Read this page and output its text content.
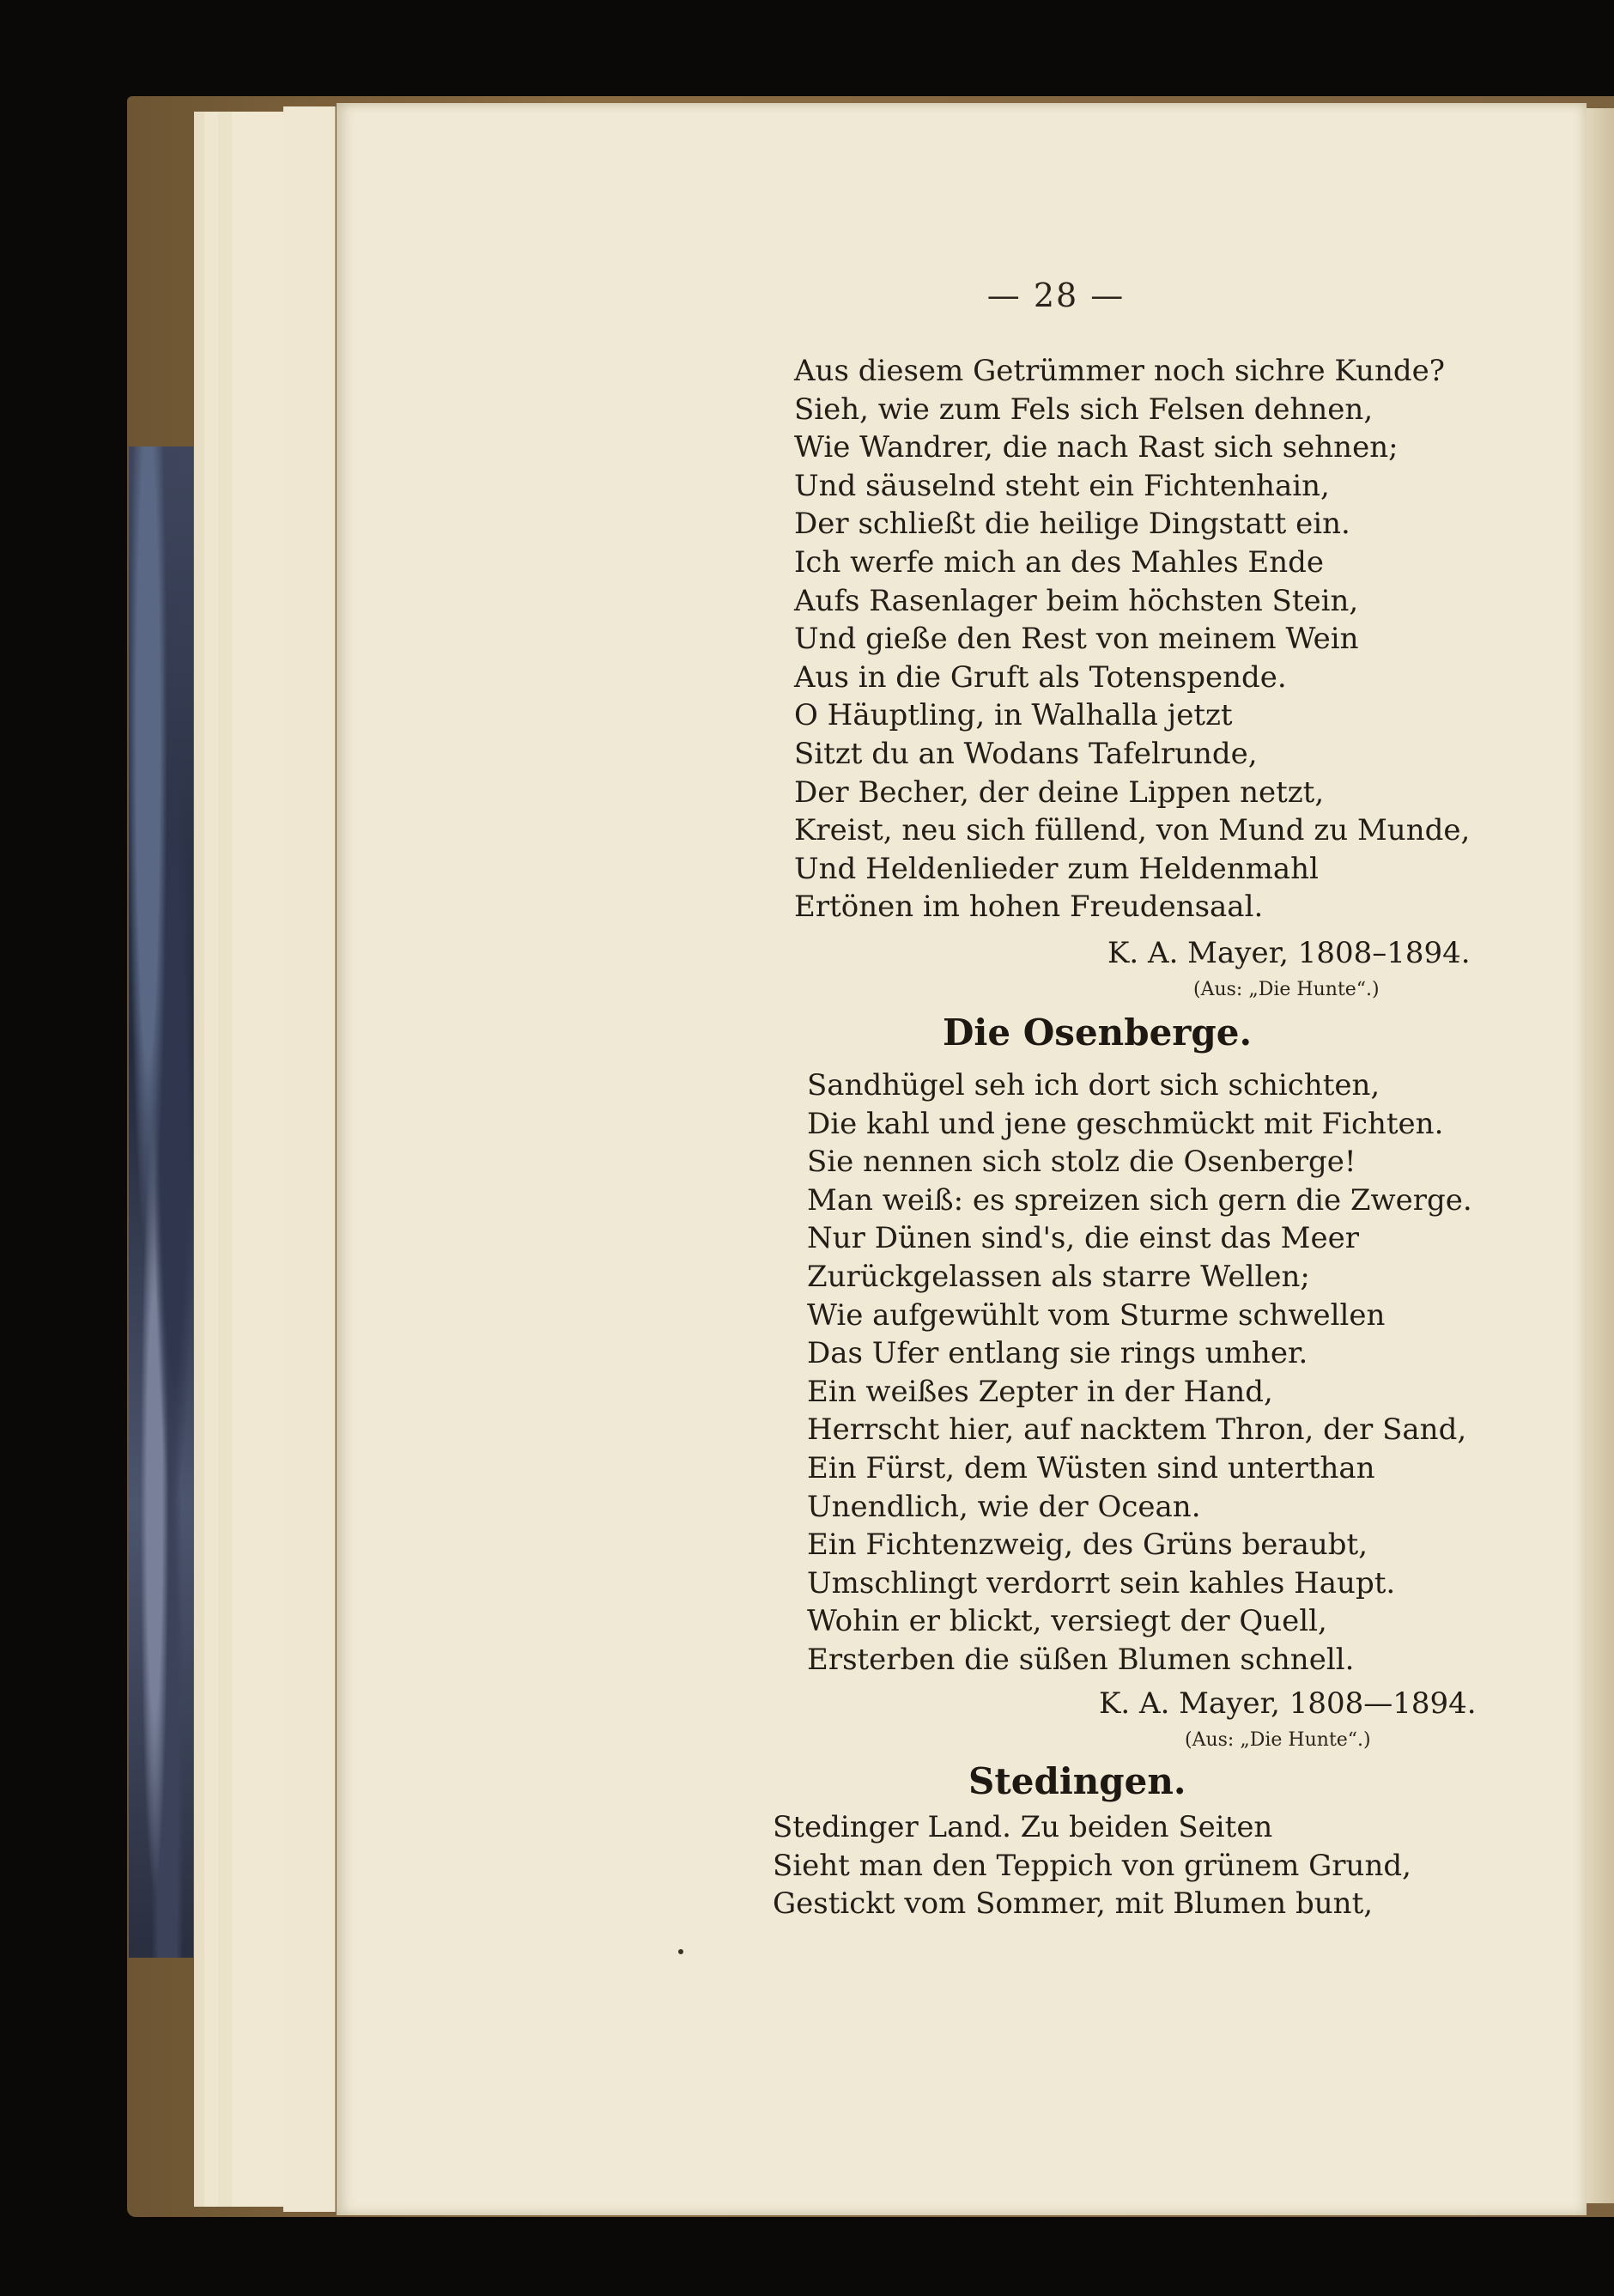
— 28 —
Aus diesem Getrümmer noch sichre Kunde?
Sieh, wie zum Fels sich Felsen dehnen,
Wie Wandrer, die nach Rast sich sehnen;
Und säuselnd steht ein Fichtenhain,
Der schließt die heilige Dingstatt ein.
Ich werfe mich an des Mahles Ende
Aufs Rasenlager beim höchsten Stein,
Und gieße den Rest von meinem Wein
Aus in die Gruft als Totenspende.
O Häuptling, in Walhalla jetzt
Sitzt du an Wodans Tafelrunde,
Der Becher, der deine Lippen netzt,
Kreist, neu sich füllend, von Mund zu Munde,
Und Heldenlieder zum Heldenmahl
Ertönen im hohen Freudensaal.
K. A. Mayer, 1808–1894.
(Aus: „Die Hunte“.)
Die Osenberge.
Sandhügel seh ich dort sich schichten,
Die kahl und jene geschmückt mit Fichten.
Sie nennen sich stolz die Osenberge!
Man weiß: es spreizen sich gern die Zwerge.
Nur Dünen sind's, die einst das Meer
Zurückgelassen als starre Wellen;
Wie aufgewühlt vom Sturme schwellen
Das Ufer entlang sie rings umher.
Ein weißes Zepter in der Hand,
Herrscht hier, auf nacktem Thron, der Sand,
Ein Fürst, dem Wüsten sind unterthan
Unendlich, wie der Ocean.
Ein Fichtenzweig, des Grüns beraubt,
Umschlingt verdorrt sein kahles Haupt.
Wohin er blickt, versiegt der Quell,
Ersterben die süßen Blumen schnell.
K. A. Mayer, 1808—1894.
(Aus: „Die Hunte“.)
Stedingen.
Stedinger Land. Zu beiden Seiten
Sieht man den Teppich von grünem Grund,
Gestickt vom Sommer, mit Blumen bunt,
